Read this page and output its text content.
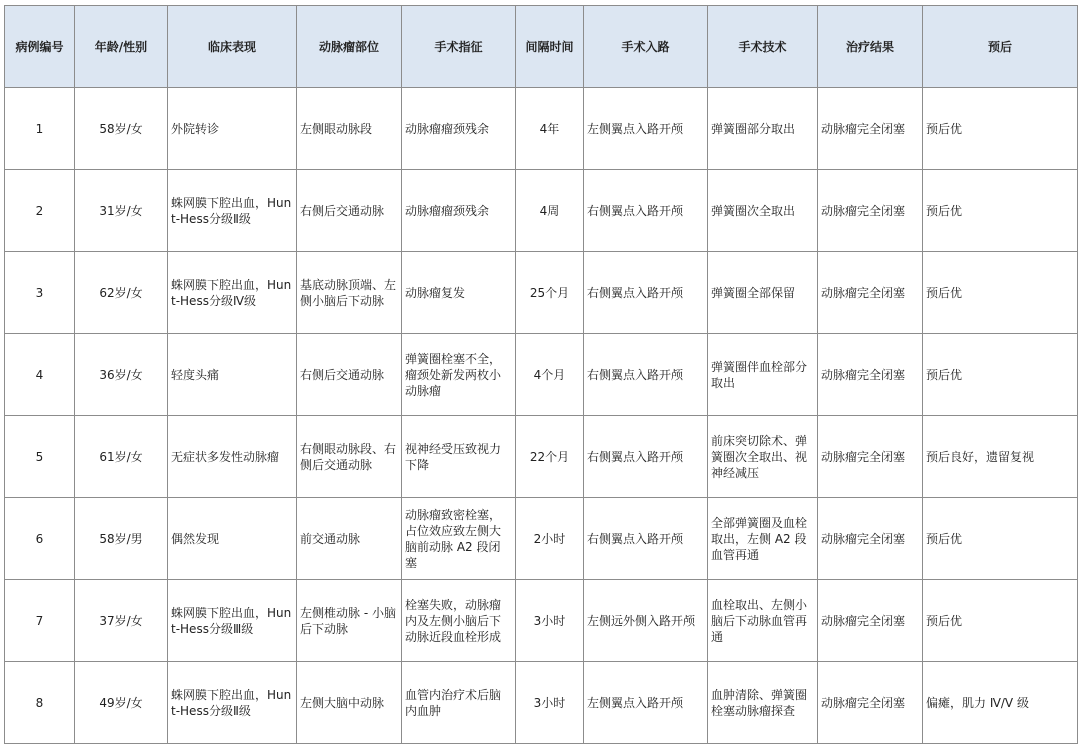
病例编号	年龄/性别	临床表现	动脉瘤部位	手术指征	间隔时间	手术入路	手术技术	治疗结果	预后
1	58岁/女	外院转诊	左侧眼动脉段	动脉瘤瘤颈残余	4年	左侧翼点入路开颅	弹簧圈部分取出	动脉瘤完全闭塞	预后优
2	31岁/女	蛛网膜下腔出血，Hunt-Hess分级Ⅱ级	右侧后交通动脉	动脉瘤瘤颈残余	4周	右侧翼点入路开颅	弹簧圈次全取出	动脉瘤完全闭塞	预后优
3	62岁/女	蛛网膜下腔出血，Hunt-Hess分级Ⅳ级	基底动脉顶端、左侧小脑后下动脉	动脉瘤复发	25个月	右侧翼点入路开颅	弹簧圈全部保留	动脉瘤完全闭塞	预后优
4	36岁/女	轻度头痛	右侧后交通动脉	弹簧圈栓塞不全，瘤颈处新发两枚小动脉瘤	4个月	右侧翼点入路开颅	弹簧圈伴血栓部分取出	动脉瘤完全闭塞	预后优
5	61岁/女	无症状多发性动脉瘤	右侧眼动脉段、右侧后交通动脉	视神经受压致视力下降	22个月	右侧翼点入路开颅	前床突切除术、弹簧圈次全取出、视神经减压	动脉瘤完全闭塞	预后良好，遗留复视
6	58岁/男	偶然发现	前交通动脉	动脉瘤致密栓塞，占位效应致左侧大脑前动脉 A2 段闭塞	2小时	右侧翼点入路开颅	全部弹簧圈及血栓取出，左侧 A2 段血管再通	动脉瘤完全闭塞	预后优
7	37岁/女	蛛网膜下腔出血，Hunt-Hess分级Ⅲ级	左侧椎动脉 - 小脑后下动脉	栓塞失败，动脉瘤内及左侧小脑后下动脉近段血栓形成	3小时	左侧远外侧入路开颅	血栓取出、左侧小脑后下动脉血管再通	动脉瘤完全闭塞	预后优
8	49岁/女	蛛网膜下腔出血，Hunt-Hess分级Ⅱ级	左侧大脑中动脉	血管内治疗术后脑内血肿	3小时	左侧翼点入路开颅	血肿清除、弹簧圈栓塞动脉瘤探查	动脉瘤完全闭塞	偏瘫，肌力 Ⅳ/Ⅴ 级
